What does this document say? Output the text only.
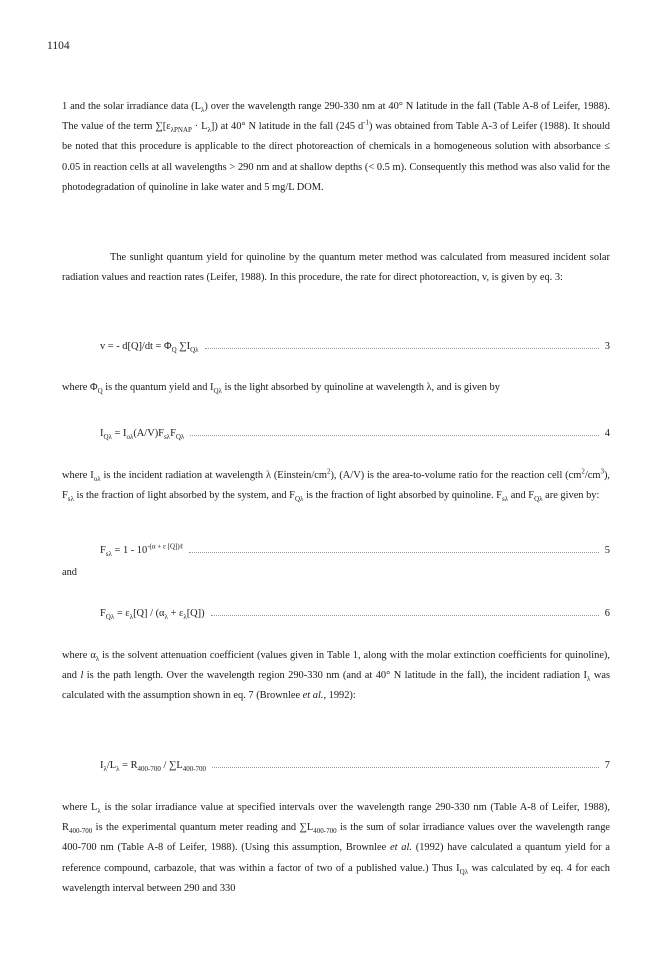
1104

1 and the solar irradiance data $(L_\lambda)$ over the wavelength range 290-330 nm at 40° N latitude in the fall (Table A-8 of Leifer, 1988). The value of the term $\sum[\varepsilon_{\lambda PNAP} \cdot L_\lambda]$) at 40° N latitude in the fall (245 $d^{-1}$) was obtained from Table A-3 of Leifer (1988). It should be noted that this procedure is applicable to the direct photoreaction of chemicals in a homogeneous solution with absorbance ≤ 0.05 in reaction cells at all wavelengths > 290 nm and at shallow depths (< 0.5 m). Consequently this method was also valid for the photodegradation of quinoline in lake water and 5 mg/L DOM.

The sunlight quantum yield for quinoline by the quantum meter method was calculated from measured incident solar radiation values and reaction rates (Leifer, 1988). In this procedure, the rate for direct photoreaction, v, is given by eq. 3:

v = - $d[Q]/dt = \Phi_Q$ $\sum I_{Q\lambda}$	3

where $\Phi_Q$ is the quantum yield and $I_{Q\lambda}$ is the light absorbed by quinoline at wavelength λ, and is given by

$I_{Q\lambda} = I_{o\lambda}(A/V)F_{s\lambda}F_{Q\lambda}$	4

where $I_{o\lambda}$ is the incident radiation at wavelength λ $(Einstein/cm^2)$, (A/V) is the area-to-volume ratio for the reaction cell $(cm^2/cm^3)$, $F_{s\lambda}$ is the fraction of light absorbed by the system, and $F_{Q\lambda}$ is the fraction of light absorbed by quinoline. $F_{s\lambda}$ and $F_{Q\lambda}$ are given by:

$F_{s\lambda} = 1 - 10^{-(\alpha + \varepsilon [Q])\ell}$	5
and
$F_{Q\lambda} = \varepsilon_\lambda[Q] / (\alpha_\lambda + \varepsilon_\lambda[Q])$	6

where $\alpha_\lambda$ is the solvent attenuation coefficient (values given in Table 1, along with the molar extinction coefficients for quinoline), and l is the path length. Over the wavelength region 290-330 nm (and at 40° N latitude in the fall), the incident radiation $I_\lambda$ was calculated with the assumption shown in eq. 7 (Brownlee et al., 1992):

$I_\lambda/L_\lambda = R_{400-700} / \sum L_{400-700}$	7

where $L_\lambda$ is the solar irradiance value at specified intervals over the wavelength range 290-330 nm (Table A-8 of Leifer, 1988), $R_{400-700}$ is the experimental quantum meter reading and $\sum L_{400-700}$ is the sum of solar irradiance values over the wavelength range 400-700 nm (Table A-8 of Leifer, 1988). (Using this assumption, Brownlee et al. (1992) have calculated a quantum yield for a reference compound, carbazole, that was within a factor of two of a published value.) Thus $I_{Q\lambda}$ was calculated by eq. 4 for each wavelength interval between 290 and 330
